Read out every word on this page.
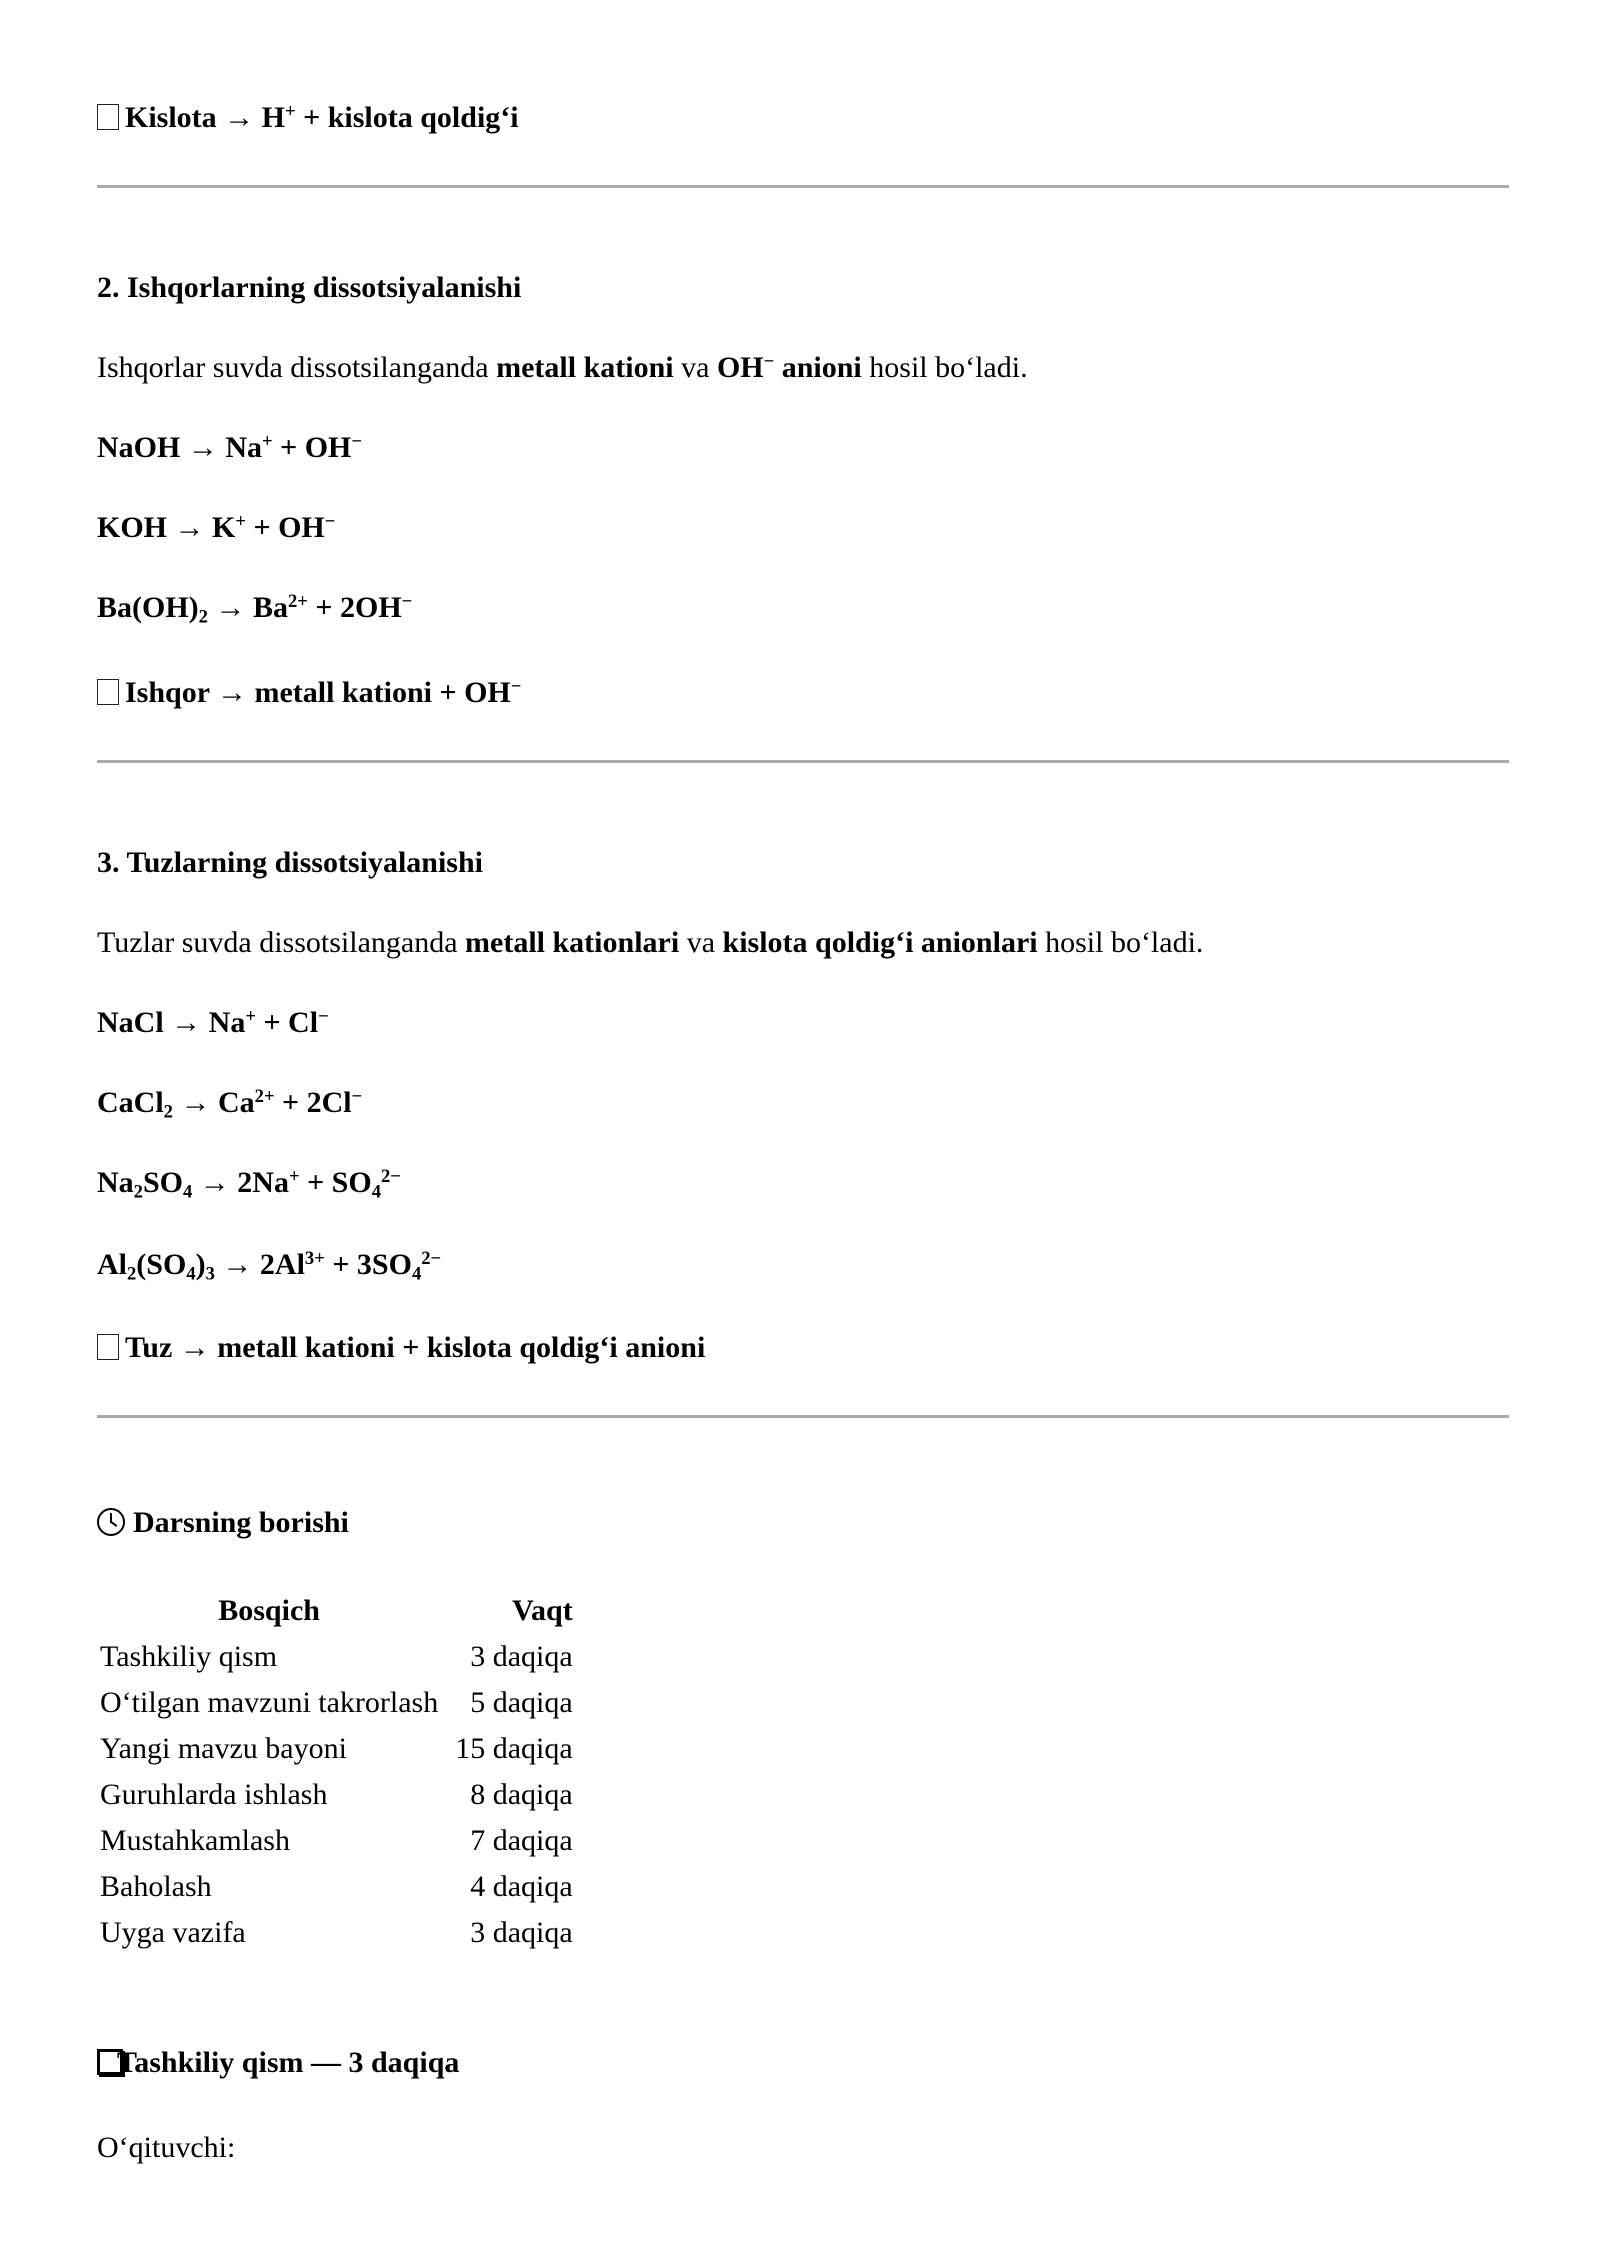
Kislota → H+ + kislota qoldig‘i
2. Ishqorlarning dissotsiyalanishi
Ishqorlar suvda dissotsilanganda metall kationi va OH− anioni hosil bo‘ladi.
NaOH → Na+ + OH−
KOH → K+ + OH−
$Ba(OH)_2 \to Ba^{2+} + 2OH^-$
Ishqor → metall kationi + OH−
3. Tuzlarning dissotsiyalanishi
Tuzlar suvda dissotsilanganda metall kationlari va kislota qoldig‘i anionlari hosil bo‘ladi.
NaCl → Na+ + Cl−
CaCl$_2$ → $Ca^{2+} + 2Cl^-$
$Na_2SO_4 \to 2Na^+ + SO_4^{2-}$
$Al_2(SO_4)_3 \to 2Al^{3+} + 3SO_4^{2-}$
Tuz → metall kationi + kislota qoldig‘i anioni
Darsning borishi
Bosqich	Vaqt
Tashkiliy qism	3 daqiqa
O‘tilgan mavzuni takrorlash	5 daqiqa
Yangi mavzu bayoni	15 daqiqa
Guruhlarda ishlash	8 daqiqa
Mustahkamlash	7 daqiqa
Baholash	4 daqiqa
Uyga vazifa	3 daqiqa
Tashkiliy qism — 3 daqiqa
O‘qituvchi:
